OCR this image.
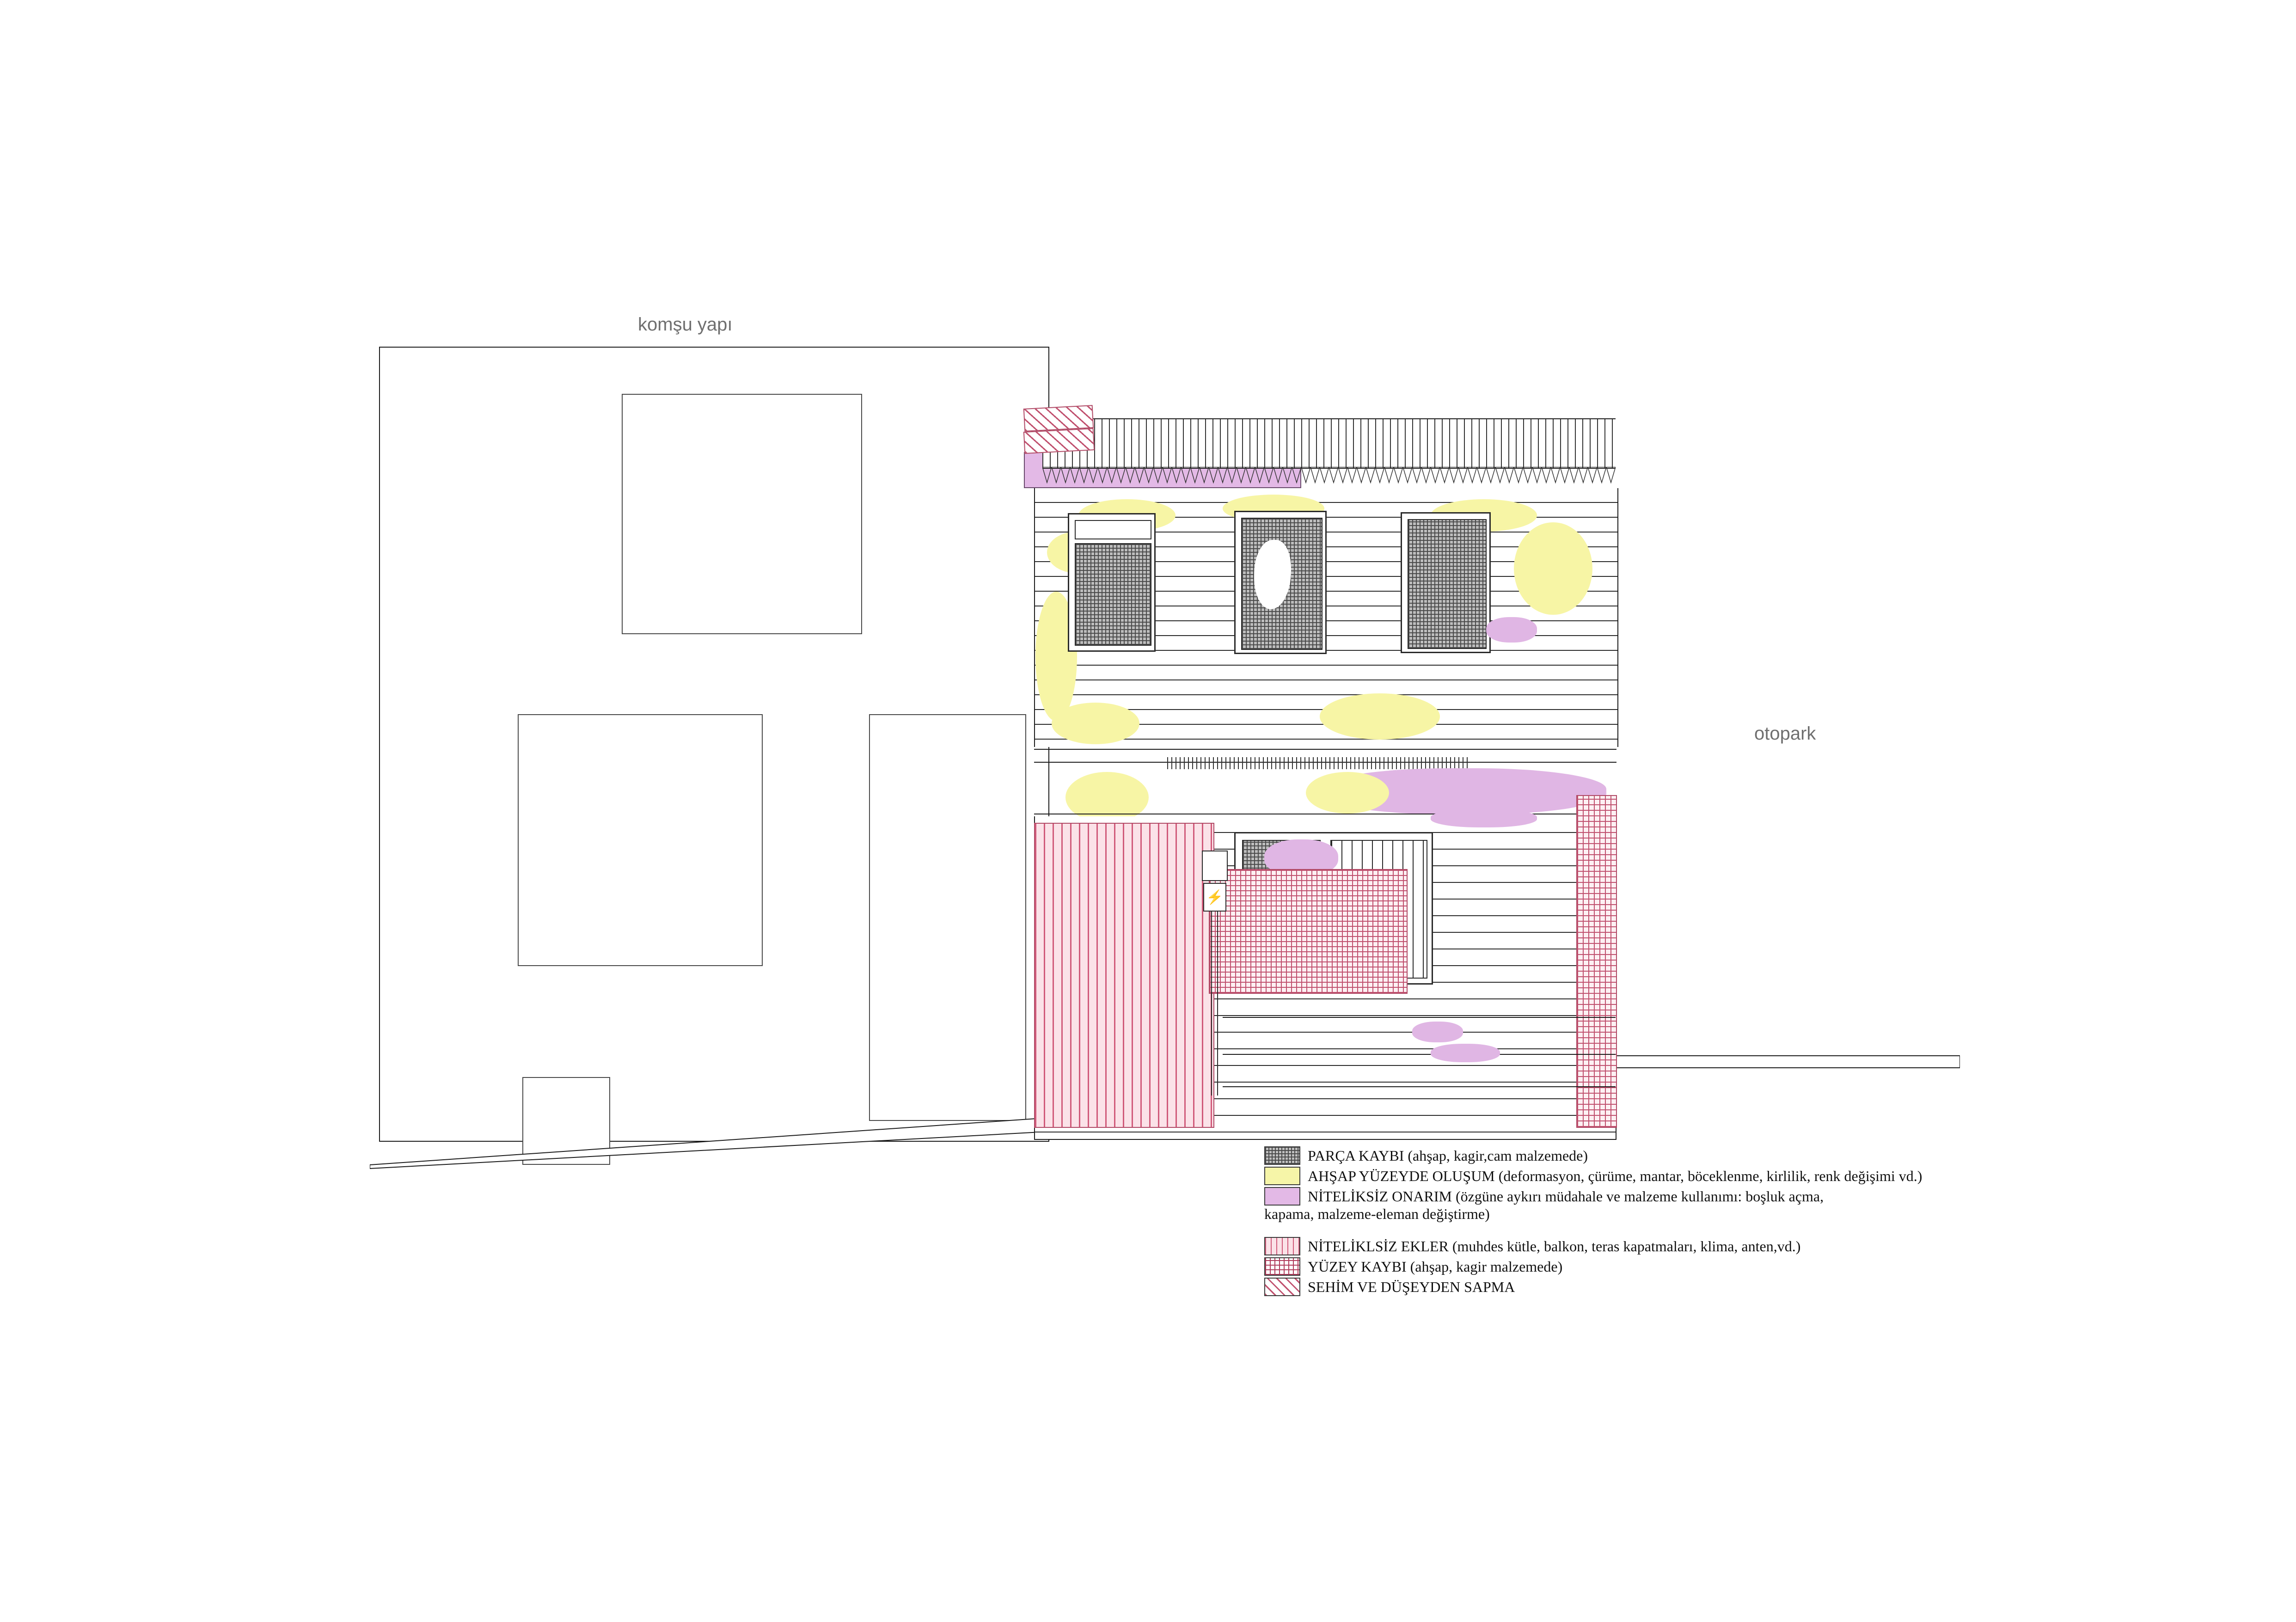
komşu yapı
otopark
⚡
PARÇA KAYBI (ahşap, kagir,cam malzemede)
AHŞAP YÜZEYDE OLUŞUM (deformasyon, çürüme, mantar, böceklenme, kirlilik, renk değişimi vd.)
NİTELİKSİZ ONARIM (özgüne aykırı müdahale ve malzeme kullanımı: boşluk açma,
kapama, malzeme-eleman değiştirme)
NİTELİKLSİZ EKLER (muhdes kütle, balkon, teras kapatmaları, klima, anten,vd.)
YÜZEY KAYBI (ahşap, kagir malzemede)
SEHİM VE DÜŞEYDEN SAPMA
